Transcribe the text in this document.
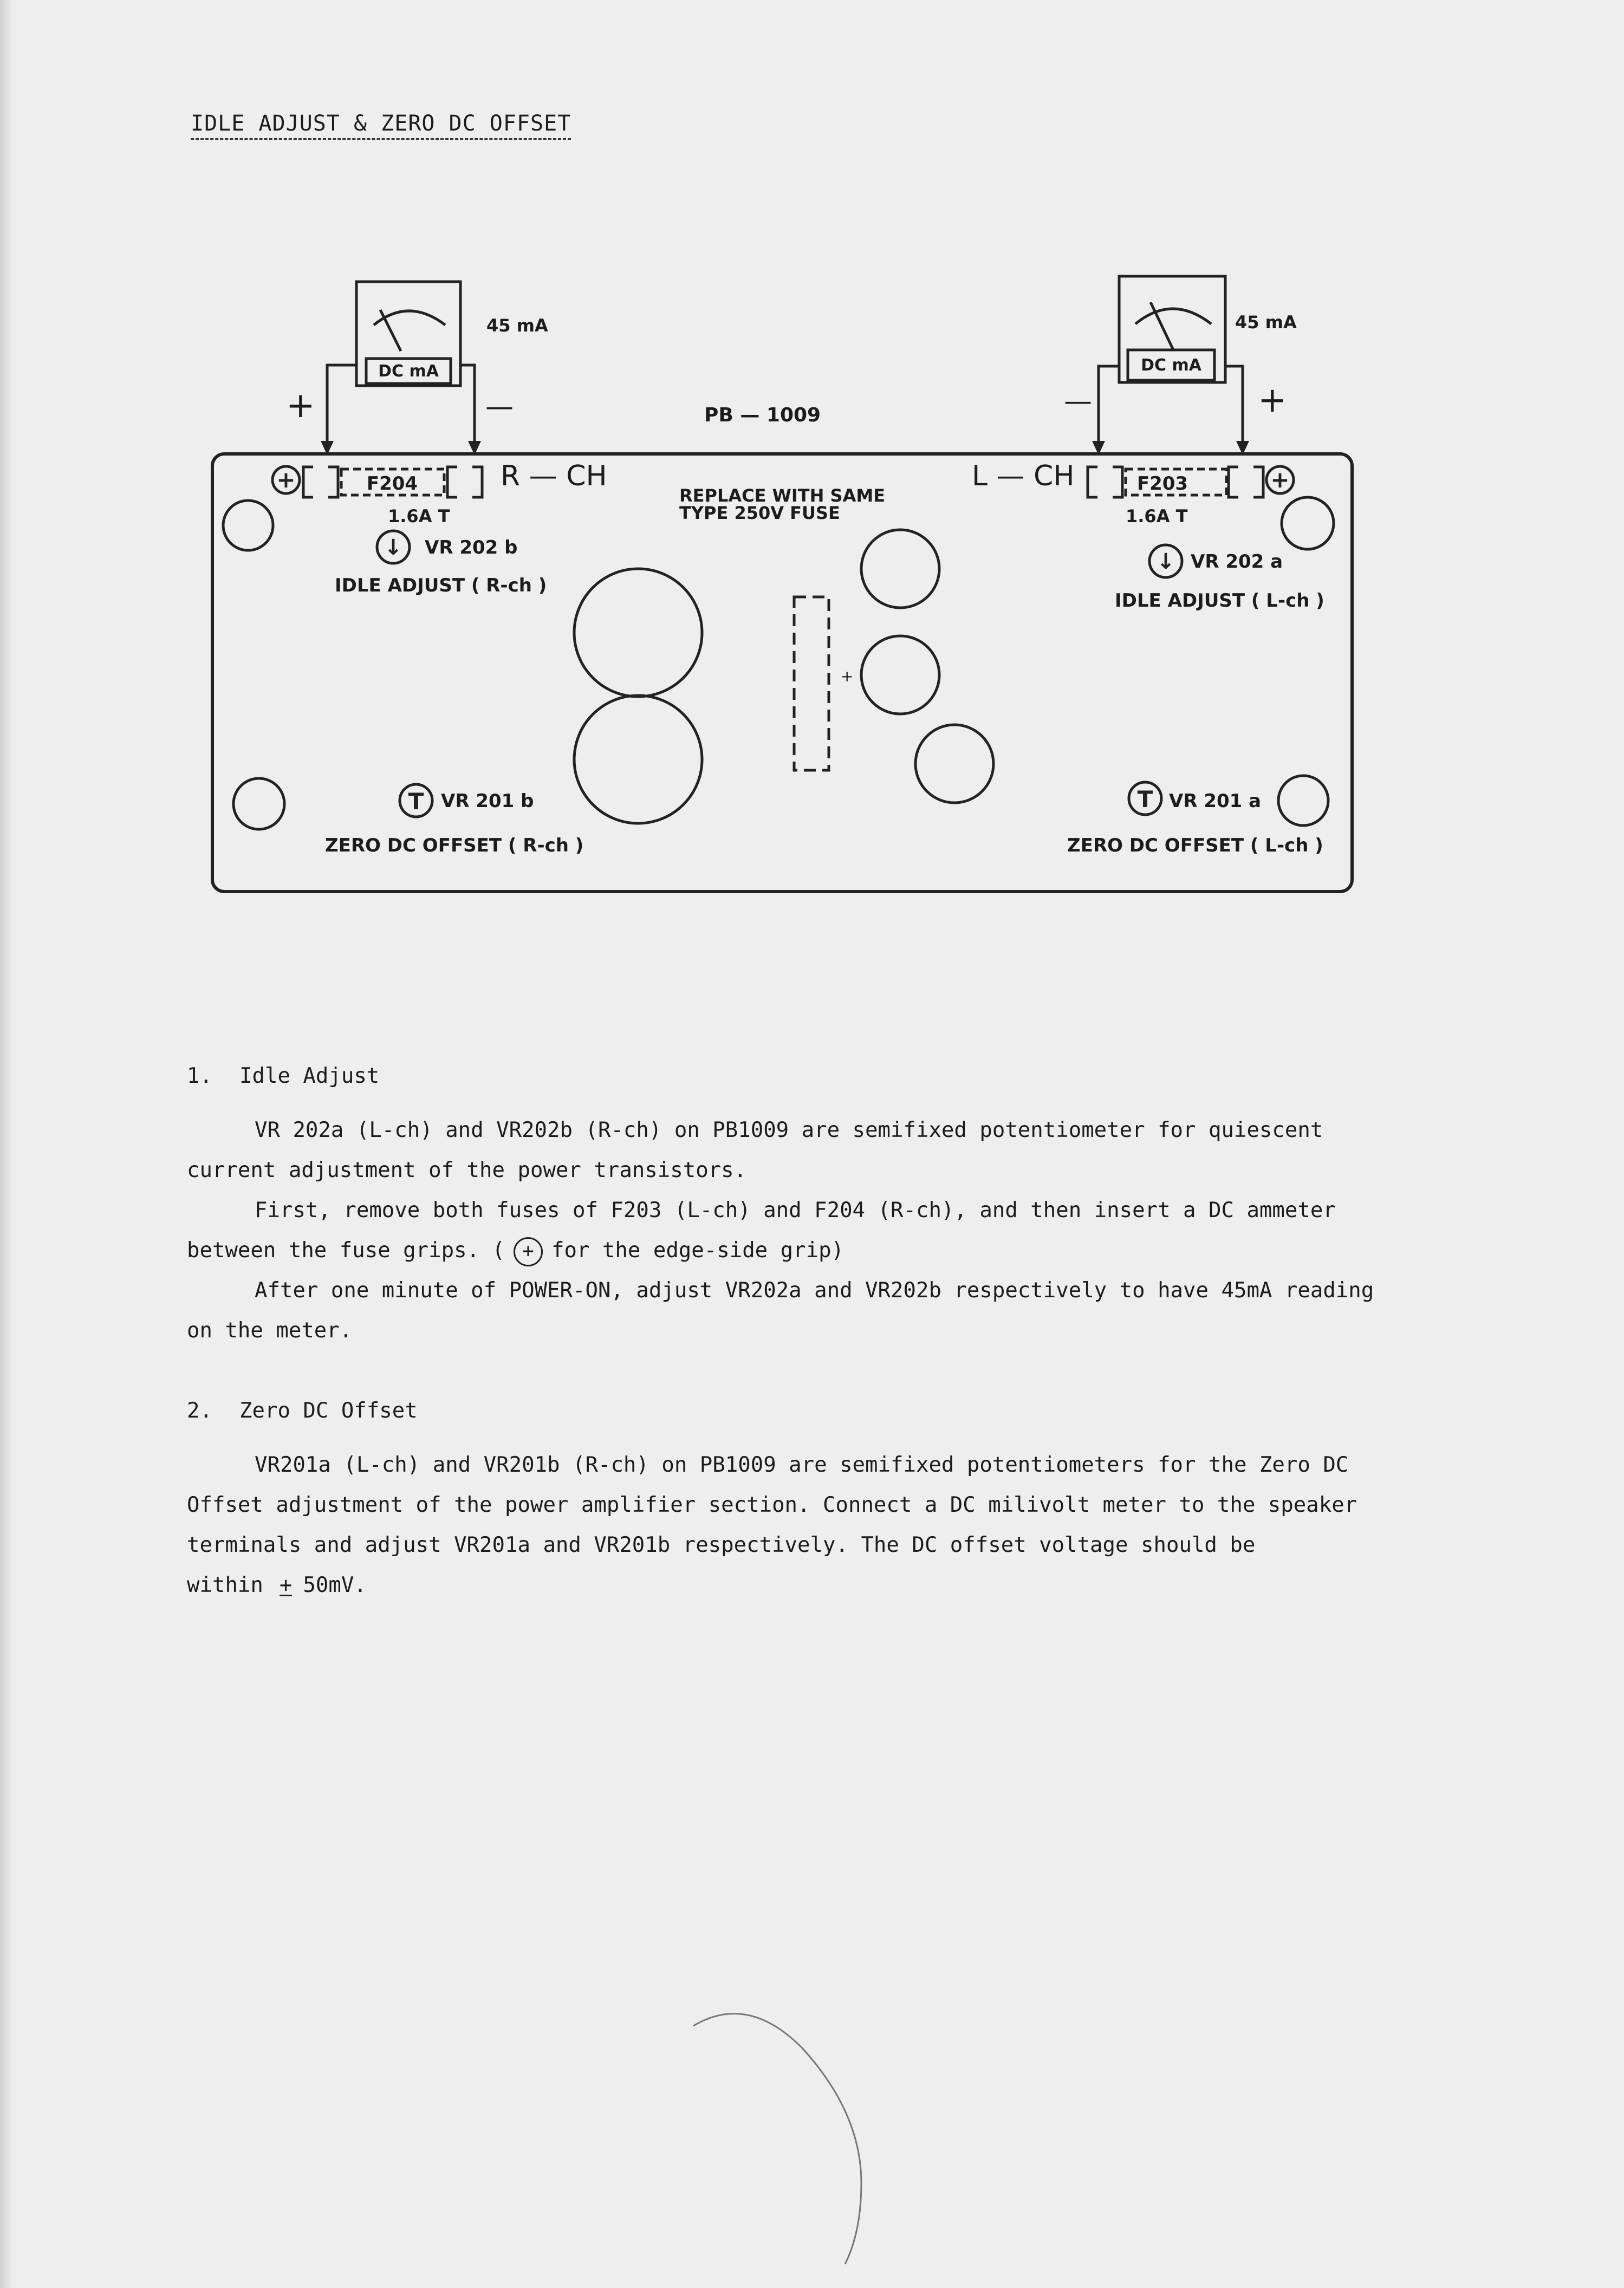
IDLE ADJUST & ZERO DC OFFSET
↓
↓
T	T
+	+
PB — 1009
45 mA
DC mA
+	—
R — CH
F204
1.6A T
VR 202 b
IDLE ADJUST ( R-ch )
VR 201 b
ZERO DC OFFSET ( R-ch )
REPLACE WITH SAME
TYPE 250V FUSE
+
45 mA
DC mA
—	+
L — CH	F203
1.6A T
VR 202 a
IDLE ADJUST ( L-ch )
VR 201 a
ZERO DC OFFSET ( L-ch )
1. Idle Adjust
VR 202a (L-ch) and VR202b (R-ch) on PB1009 are semifixed potentiometer for quiescent
current adjustment of the power transistors.
First, remove both fuses of F203 (L-ch) and F204 (R-ch), and then insert a DC ammeter
between the fuse grips. ( + for the edge-side grip)
After one minute of POWER-ON, adjust VR202a and VR202b respectively to have 45mA reading
on the meter.
2. Zero DC Offset
VR201a (L-ch) and VR201b (R-ch) on PB1009 are semifixed potentiometers for the Zero DC
Offset adjustment of the power amplifier section. Connect a DC milivolt meter to the speaker
terminals and adjust VR201a and VR201b respectively. The DC offset voltage should be
within + 50mV.
